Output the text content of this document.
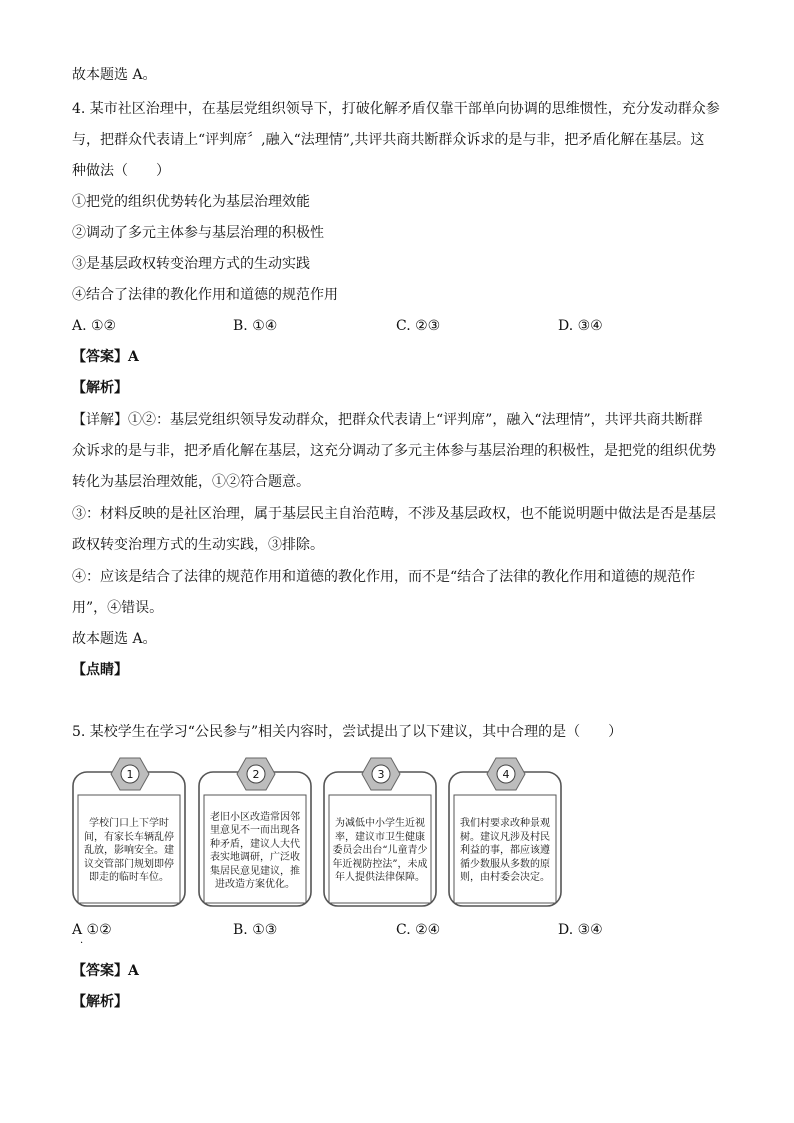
故本题选 A。
4. 某市社区治理中，在基层党组织领导下，打破化解矛盾仅靠干部单向协调的思维惯性，充分发动群众参
与，把群众代表请上“评判席〞,融入“法理情”,共评共商共断群众诉求的是与非，把矛盾化解在基层。这
种做法（　　）
①把党的组织优势转化为基层治理效能
②调动了多元主体参与基层治理的积极性
③是基层政权转变治理方式的生动实践
④结合了法律的教化作用和道德的规范作用
A. ①②	B. ①④	C. ②③	D. ③④
【答案】A
【解析】
【详解】①②：基层党组织领导发动群众，把群众代表请上“评判席”，融入“法理情”，共评共商共断群
众诉求的是与非，把矛盾化解在基层，这充分调动了多元主体参与基层治理的积极性，是把党的组织优势
转化为基层治理效能，①②符合题意。
③：材料反映的是社区治理，属于基层民主自治范畴，不涉及基层政权，也不能说明题中做法是否是基层
政权转变治理方式的生动实践，③排除。
④：应该是结合了法律的规范作用和道德的教化作用，而不是“结合了法律的教化作用和道德的规范作
用”，④错误。
故本题选 A。
【点睛】
5. 某校学生在学习“公民参与”相关内容时，尝试提出了以下建议，其中合理的是（　　）
1
学校门口上下学时间，有家长车辆乱停乱放，影响安全。建议交管部门规划即停即走的临时车位。
2
老旧小区改造常因邻里意见不一而出现各种矛盾，建议人大代表实地调研，广泛收集居民意见建议，推进改造方案优化。
3
为减低中小学生近视率，建议市卫生健康委员会出台“儿童青少年近视防控法”，未成年人提供法律保障。
4
我们村要求改种景观树。建议凡涉及村民利益的事，都应该遵循少数服从多数的原则，由村委会决定。
A ①②	B. ①③	C. ②④	D. ③④
·
【答案】A
【解析】
